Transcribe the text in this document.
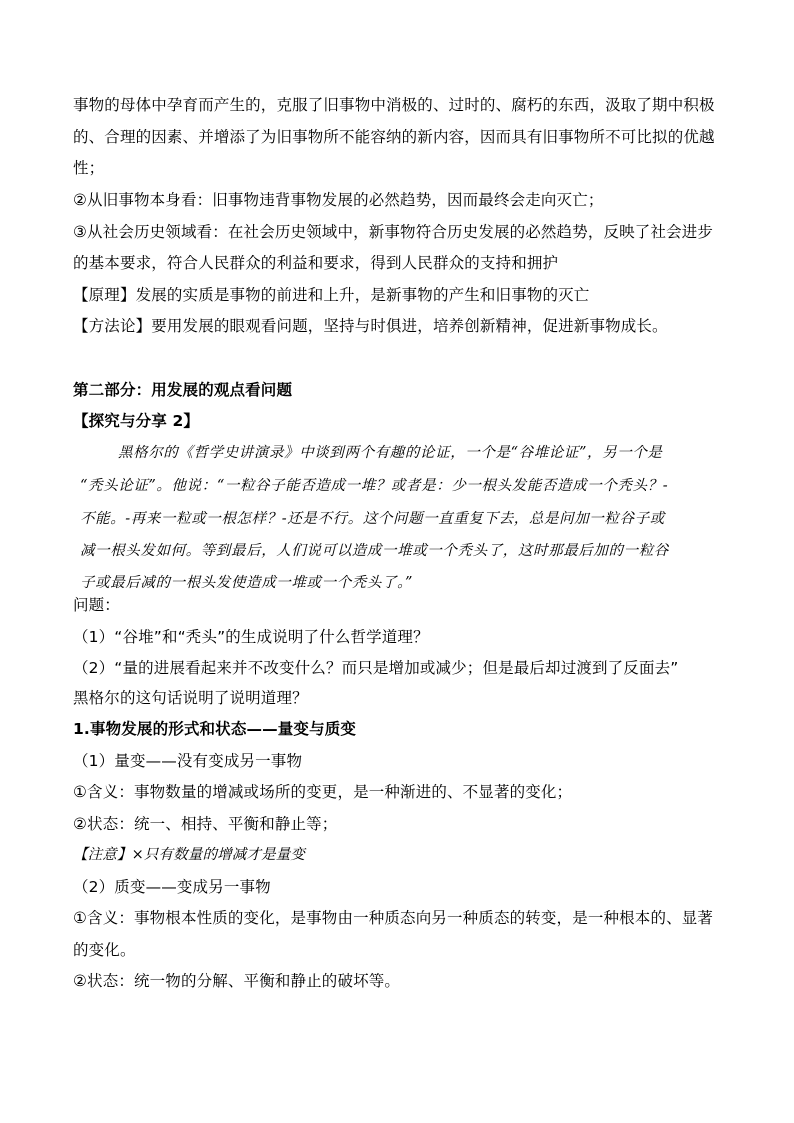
事物的母体中孕育而产生的，克服了旧事物中消极的、过时的、腐朽的东西，汲取了期中积极
的、合理的因素、并增添了为旧事物所不能容纳的新内容，因而具有旧事物所不可比拟的优越
性；
②从旧事物本身看：旧事物违背事物发展的必然趋势，因而最终会走向灭亡；
③从社会历史领域看：在社会历史领域中，新事物符合历史发展的必然趋势，反映了社会进步
的基本要求，符合人民群众的利益和要求，得到人民群众的支持和拥护
【原理】发展的实质是事物的前进和上升，是新事物的产生和旧事物的灭亡
【方法论】要用发展的眼观看问题，坚持与时俱进，培养创新精神，促进新事物成长。
第二部分：用发展的观点看问题
【探究与分享 2】
黑格尔的《哲学史讲演录》中谈到两个有趣的论证，一个是“谷堆论证”，另一个是
“秃头论证”。他说：“一粒谷子能否造成一堆？或者是：少一根头发能否造成一个秃头？-
不能。-再来一粒或一根怎样？-还是不行。这个问题一直重复下去，总是问加一粒谷子或
减一根头发如何。等到最后，人们说可以造成一堆或一个秃头了，这时那最后加的一粒谷
子或最后减的一根头发使造成一堆或一个秃头了。”
问题：
（1）“谷堆”和“秃头”的生成说明了什么哲学道理？
（2）“量的进展看起来并不改变什么？而只是增加或减少；但是最后却过渡到了反面去”
黑格尔的这句话说明了说明道理？
1.事物发展的形式和状态——量变与质变
（1）量变——没有变成另一事物
①含义：事物数量的增减或场所的变更，是一种渐进的、不显著的变化；
②状态：统一、相持、平衡和静止等；
【注意】×只有数量的增减才是量变
（2）质变——变成另一事物
①含义：事物根本性质的变化，是事物由一种质态向另一种质态的转变，是一种根本的、显著
的变化。
②状态：统一物的分解、平衡和静止的破坏等。
